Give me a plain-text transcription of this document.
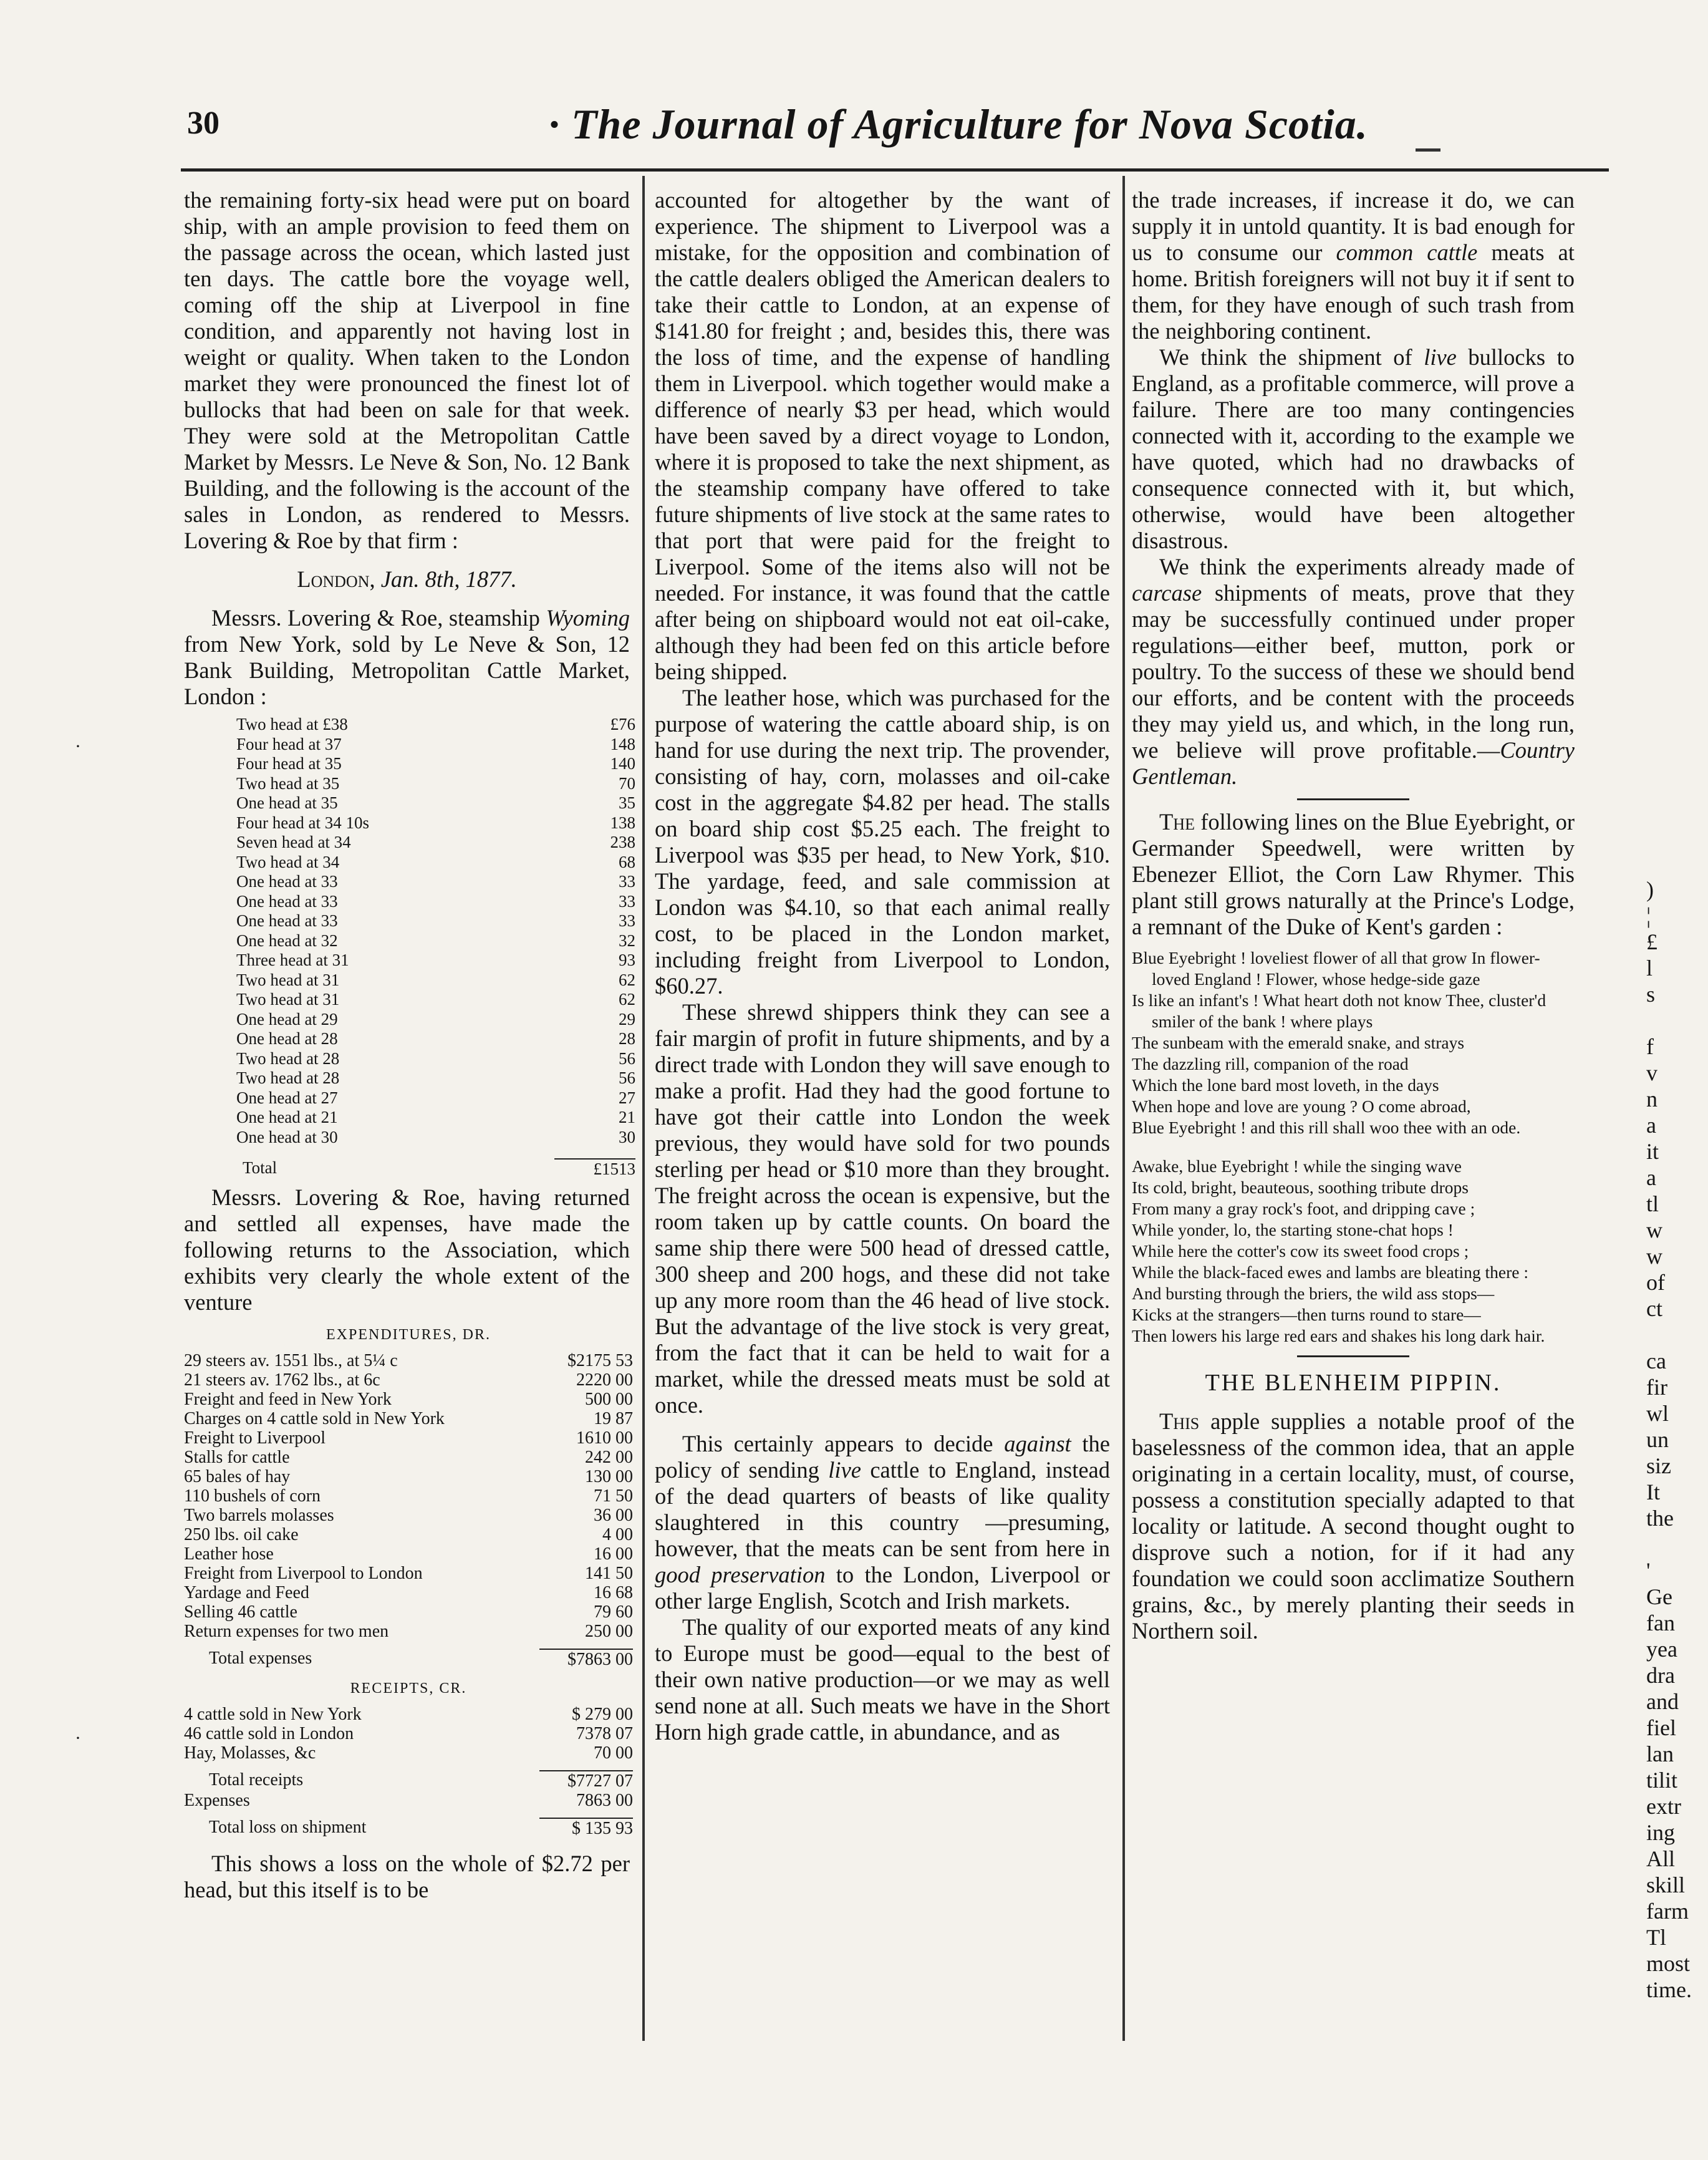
30	· The Journal of Agriculture for Nova Scotia.

the remaining forty-six head were put on board ship, with an ample provision to feed them on the passage across the ocean, which lasted just ten days. The cattle bore the voyage well, coming off the ship at Liverpool in fine condition, and apparently not having lost in weight or quality. When taken to the London market they were pronounced the finest lot of bullocks that had been on sale for that week. They were sold at the Metropolitan Cattle Market by Messrs. Le Neve & Son, No. 12 Bank Building, and the following is the account of the sales in London, as rendered to Messrs. Lovering & Roe by that firm :

London, Jan. 8th, 1877.

Messrs. Lovering & Roe, steamship Wyoming from New York, sold by Le Neve & Son, 12 Bank Building, Metropolitan Cattle Market, London :

Two head at £38	£76
Four head at 37	148
Four head at 35	140
Two head at 35	70
One head at 35	35
Four head at 34 10s	138
Seven head at 34	238
Two head at 34	68
One head at 33	33
One head at 33	33
One head at 33	33
One head at 32	32
Three head at 31	93
Two head at 31	62
Two head at 31	62
One head at 29	29
One head at 28	28
Two head at 28	56
Two head at 28	56
One head at 27	27
One head at 21	21
One head at 30	30
Total	£1513

Messrs. Lovering & Roe, having returned and settled all expenses, have made the following returns to the Association, which exhibits very clearly the whole extent of the venture

EXPENDITURES, DR.
29 steers av. 1551 lbs., at 5¼ c	$2175 53
21 steers av. 1762 lbs., at 6c	2220 00
Freight and feed in New York	500 00
Charges on 4 cattle sold in New York	19 87
Freight to Liverpool	1610 00
Stalls for cattle	242 00
65 bales of hay	130 00
110 bushels of corn	71 50
Two barrels molasses	36 00
250 lbs. oil cake	4 00
Leather hose	16 00
Freight from Liverpool to London	141 50
Yardage and Feed	16 68
Selling 46 cattle	79 60
Return expenses for two men	250 00
Total expenses	$7863 00
RECEIPTS, CR.
4 cattle sold in New York	$ 279 00
46 cattle sold in London	7378 07
Hay, Molasses, &c	70 00
Total receipts	$7727 07
Expenses	7863 00
Total loss on shipment	$ 135 93

This shows a loss on the whole of $2.72 per head, but this itself is to be

accounted for altogether by the want of experience. The shipment to Liverpool was a mistake, for the opposition and combination of the cattle dealers obliged the American dealers to take their cattle to London, at an expense of $141.80 for freight ; and, besides this, there was the loss of time, and the expense of handling them in Liverpool. which together would make a difference of nearly $3 per head, which would have been saved by a direct voyage to London, where it is proposed to take the next shipment, as the steamship company have offered to take future shipments of live stock at the same rates to that port that were paid for the freight to Liverpool. Some of the items also will not be needed. For instance, it was found that the cattle after being on shipboard would not eat oil-cake, although they had been fed on this article before being shipped.

The leather hose, which was purchased for the purpose of watering the cattle aboard ship, is on hand for use during the next trip. The provender, consisting of hay, corn, molasses and oil-cake cost in the aggregate $4.82 per head. The stalls on board ship cost $5.25 each. The freight to Liverpool was $35 per head, to New York, $10. The yardage, feed, and sale commission at London was $4.10, so that each animal really cost, to be placed in the London market, including freight from Liverpool to London, $60.27.

These shrewd shippers think they can see a fair margin of profit in future shipments, and by a direct trade with London they will save enough to make a profit. Had they had the good fortune to have got their cattle into London the week previous, they would have sold for two pounds sterling per head or $10 more than they brought. The freight across the ocean is expensive, but the room taken up by cattle counts. On board the same ship there were 500 head of dressed cattle, 300 sheep and 200 hogs, and these did not take up any more room than the 46 head of live stock. But the advantage of the live stock is very great, from the fact that it can be held to wait for a market, while the dressed meats must be sold at once.

This certainly appears to decide against the policy of sending live cattle to England, instead of the dead quarters of beasts of like quality slaughtered in this country —presuming, however, that the meats can be sent from here in good preservation to the London, Liverpool or other large English, Scotch and Irish markets.

The quality of our exported meats of any kind to Europe must be good—equal to the best of their own native production—or we may as well send none at all. Such meats we have in the Short Horn high grade cattle, in abundance, and as

the trade increases, if increase it do, we can supply it in untold quantity. It is bad enough for us to consume our common cattle meats at home. British foreigners will not buy it if sent to them, for they have enough of such trash from the neighboring continent.

We think the shipment of live bullocks to England, as a profitable commerce, will prove a failure. There are too many contingencies connected with it, according to the example we have quoted, which had no drawbacks of consequence connected with it, but which, otherwise, would have been altogether disastrous.

We think the experiments already made of carcase shipments of meats, prove that they may be successfully continued under proper regulations—either beef, mutton, pork or poultry. To the success of these we should bend our efforts, and be content with the proceeds they may yield us, and which, in the long run, we believe will prove profitable.—Country Gentleman.

The following lines on the Blue Eyebright, or Germander Speedwell, were written by Ebenezer Elliot, the Corn Law Rhymer. This plant still grows naturally at the Prince's Lodge, a remnant of the Duke of Kent's garden :

Blue Eyebright ! loveliest flower of all that grow In flower-loved England ! Flower, whose hedge-side gaze
Is like an infant's ! What heart doth not know Thee, cluster'd smiler of the bank ! where plays
The sunbeam with the emerald snake, and strays
The dazzling rill, companion of the road
Which the lone bard most loveth, in the days
When hope and love are young ? O come abroad,
Blue Eyebright ! and this rill shall woo thee with an ode.
Awake, blue Eyebright ! while the singing wave
Its cold, bright, beauteous, soothing tribute drops
From many a gray rock's foot, and dripping cave ;
While yonder, lo, the starting stone-chat hops !
While here the cotter's cow its sweet food crops ;
While the black-faced ewes and lambs are bleating there :
And bursting through the briers, the wild ass stops—
Kicks at the strangers—then turns round to stare—
Then lowers his large red ears and shakes his long dark hair.
THE BLENHEIM PIPPIN.

This apple supplies a notable proof of the baselessness of the common idea, that an apple originating in a certain locality, must, of course, possess a constitution specially adapted to that locality or latitude. A second thought ought to disprove such a notion, for if it had any foundation we could soon acclimatize Southern grains, &c., by merely planting their seeds in Northern soil.

)
¦
£
l
s
f
v
n
a
it
a
tl
w
w
of
ct
ca
fir
wl
un
siz
It
the
'
Ge
fan
yea
dra
and
fiel
lan
tilit
extr
ing
All
skill
farm
Tl
most
time.
·
·
